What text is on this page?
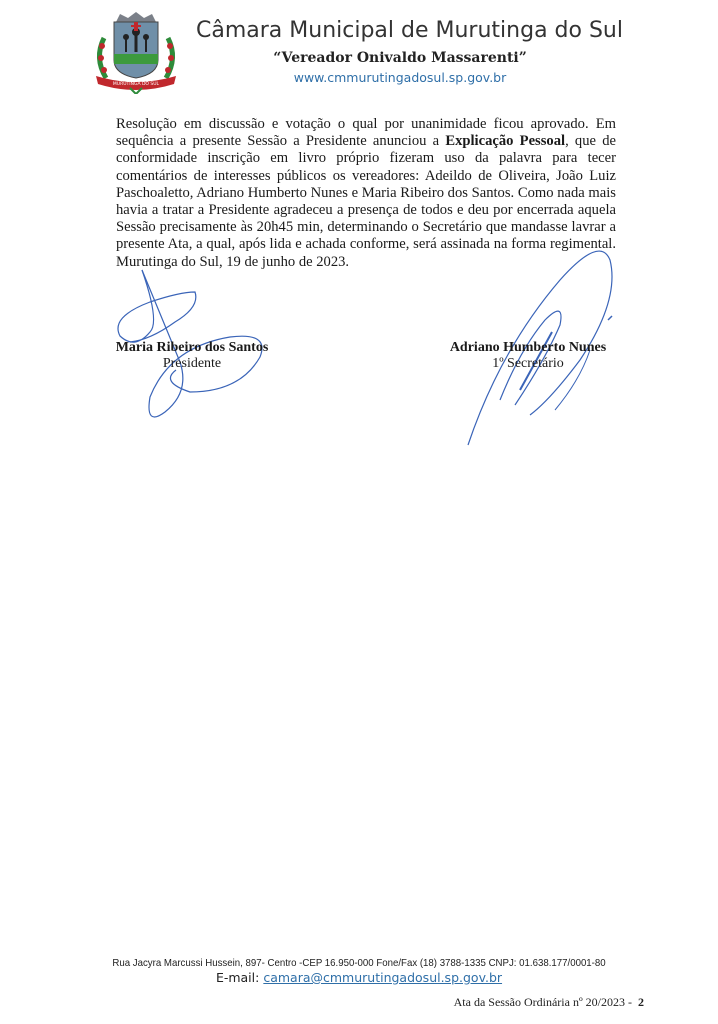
MURUTINGA DO SUL
Câmara Municipal de Murutinga do Sul
“Vereador Onivaldo Massarenti”
www.cmmurutingadosul.sp.gov.br
Resolução em discussão e votação o qual por unanimidade ficou aprovado. Em sequência a presente Sessão a Presidente anunciou a Explicação Pessoal, que de conformidade inscrição em livro próprio fizeram uso da palavra para tecer comentários de interesses públicos os vereadores: Adeildo de Oliveira, João Luiz Paschoaletto, Adriano Humberto Nunes e Maria Ribeiro dos Santos. Como nada mais havia a tratar a Presidente agradeceu a presença de todos e deu por encerrada aquela Sessão precisamente às 20h45 min, determinando o Secretário que mandasse lavrar a presente Ata, a qual, após lida e achada conforme, será assinada na forma regimental. Murutinga do Sul, 19 de junho de 2023.
Maria Ribeiro dos Santos
Presidente
Adriano Humberto Nunes
1º Secretário
Rua Jacyra Marcussi Hussein, 897- Centro -CEP 16.950-000 Fone/Fax (18) 3788-1335 CNPJ: 01.638.177/0001-80
E-mail: camara@cmmurutingadosul.sp.gov.br
Ata da Sessão Ordinária nº 20/2023 - 2
